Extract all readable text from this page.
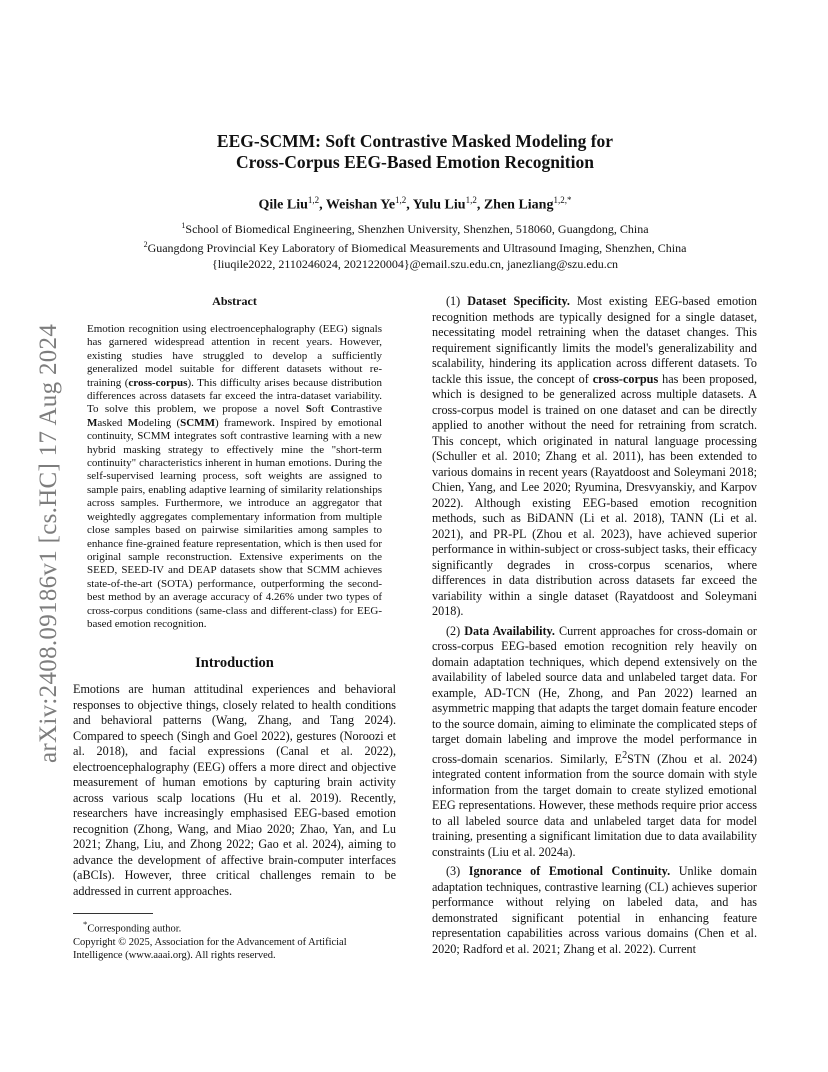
arXiv:2408.09186v1 [cs.HC] 17 Aug 2024
EEG-SCMM: Soft Contrastive Masked Modeling for
Cross-Corpus EEG-Based Emotion Recognition
Qile Liu$^{1,2}$, Weishan Ye$^{1,2}$, Yulu Liu$^{1,2}$, Zhen Liang$^{1,2,*}$
$^1$School of Biomedical Engineering, Shenzhen University, Shenzhen, 518060, Guangdong, China
$^2$Guangdong Provincial Key Laboratory of Biomedical Measurements and Ultrasound Imaging, Shenzhen, China
{liuqile2022, 2110246024, 2021220004}@email.szu.edu.cn, janezliang@szu.edu.cn
Abstract
Emotion recognition using electroencephalography (EEG) signals has garnered widespread attention in recent years. However, existing studies have struggled to develop a sufficiently generalized model suitable for different datasets without re-training (cross-corpus). This difficulty arises because distribution differences across datasets far exceed the intra-dataset variability. To solve this problem, we propose a novel Soft Contrastive Masked Modeling (SCMM) framework. Inspired by emotional continuity, SCMM integrates soft contrastive learning with a new hybrid masking strategy to effectively mine the "short-term continuity" characteristics inherent in human emotions. During the self-supervised learning process, soft weights are assigned to sample pairs, enabling adaptive learning of similarity relationships across samples. Furthermore, we introduce an aggregator that weightedly aggregates complementary information from multiple close samples based on pairwise similarities among samples to enhance fine-grained feature representation, which is then used for original sample reconstruction. Extensive experiments on the SEED, SEED-IV and DEAP datasets show that SCMM achieves state-of-the-art (SOTA) performance, outperforming the second-best method by an average accuracy of 4.26% under two types of cross-corpus conditions (same-class and different-class) for EEG-based emotion recognition.
Introduction

Emotions are human attitudinal experiences and behavioral responses to objective things, closely related to health conditions and behavioral patterns (Wang, Zhang, and Tang 2024). Compared to speech (Singh and Goel 2022), gestures (Noroozi et al. 2018), and facial expressions (Canal et al. 2022), electroencephalography (EEG) offers a more direct and objective measurement of human emotions by capturing brain activity across various scalp locations (Hu et al. 2019). Recently, researchers have increasingly emphasised EEG-based emotion recognition (Zhong, Wang, and Miao 2020; Zhao, Yan, and Lu 2021; Zhang, Liu, and Zhong 2022; Gao et al. 2024), aiming to advance the development of affective brain-computer interfaces (aBCIs). However, three critical challenges remain to be addressed in current approaches.

*Corresponding author.
Copyright © 2025, Association for the Advancement of Artificial Intelligence (www.aaai.org). All rights reserved.

(1) Dataset Specificity. Most existing EEG-based emotion recognition methods are typically designed for a single dataset, necessitating model retraining when the dataset changes. This requirement significantly limits the model's generalizability and scalability, hindering its application across different datasets. To tackle this issue, the concept of cross-corpus has been proposed, which is designed to be generalized across multiple datasets. A cross-corpus model is trained on one dataset and can be directly applied to another without the need for retraining from scratch. This concept, which originated in natural language processing (Schuller et al. 2010; Zhang et al. 2011), has been extended to various domains in recent years (Rayatdoost and Soleymani 2018; Chien, Yang, and Lee 2020; Ryumina, Dresvyanskiy, and Karpov 2022). Although existing EEG-based emotion recognition methods, such as BiDANN (Li et al. 2018), TANN (Li et al. 2021), and PR-PL (Zhou et al. 2023), have achieved superior performance in within-subject or cross-subject tasks, their efficacy significantly degrades in cross-corpus scenarios, where differences in data distribution across datasets far exceed the variability within a single dataset (Rayatdoost and Soleymani 2018).

(2) Data Availability. Current approaches for cross-domain or cross-corpus EEG-based emotion recognition rely heavily on domain adaptation techniques, which depend extensively on the availability of labeled source data and unlabeled target data. For example, AD-TCN (He, Zhong, and Pan 2022) learned an asymmetric mapping that adapts the target domain feature encoder to the source domain, aiming to eliminate the complicated steps of target domain labeling and improve the model performance in cross-domain scenarios. Similarly, $E^2STN$ (Zhou et al. 2024) integrated content information from the source domain with style information from the target domain to create stylized emotional EEG representations. However, these methods require prior access to all labeled source data and unlabeled target data for model training, presenting a significant limitation due to data availability constraints (Liu et al. 2024a).

(3) Ignorance of Emotional Continuity. Unlike domain adaptation techniques, contrastive learning (CL) achieves superior performance without relying on labeled data, and has demonstrated significant potential in enhancing feature representation capabilities across various domains (Chen et al. 2020; Radford et al. 2021; Zhang et al. 2022). Current
